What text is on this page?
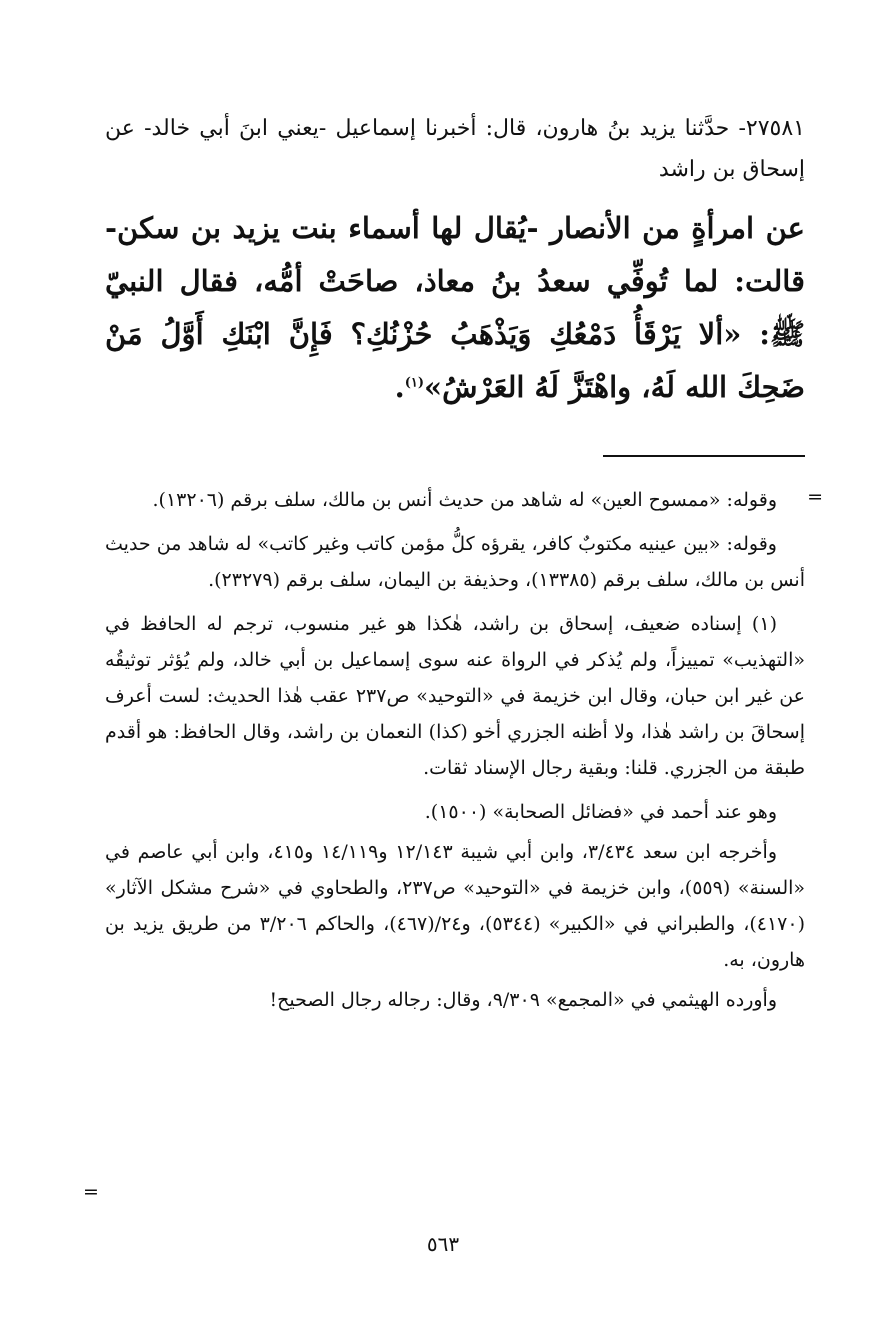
٢٧٥٨١- حدَّثنا يزيد بنُ هارون، قال: أخبرنا إسماعيل -يعني ابنَ أبي خالد- عن إسحاق بن راشد

عن امرأةٍ من الأنصار -يُقال لها أسماء بنت يزيد بن سكن- قالت: لما تُوفِّي سعدُ بنُ معاذ، صاحَتْ أمُّه، فقال النبيّ ﷺ: «ألا يَرْقَأُ دَمْعُكِ وَيَذْهَبُ حُزْنُكِ؟ فَإِنَّ ابْنَكِ أَوَّلُ مَنْ ضَحِكَ الله لَهُ، واهْتَزَّ لَهُ العَرْشُ»$^{(١)}$.

=

وقوله: «ممسوح العين» له شاهد من حديث أنس بن مالك، سلف برقم (١٣٢٠٦).

وقوله: «بين عينيه مكتوبٌ كافر، يقرؤه كلُّ مؤمن كاتب وغير كاتب» له شاهد من حديث أنس بن مالك، سلف برقم (١٣٣٨٥)، وحذيفة بن اليمان، سلف برقم (٢٣٢٧٩).

(١) إسناده ضعيف، إسحاق بن راشد، هٰكذا هو غير منسوب، ترجم له الحافظ في «التهذيب» تمييزاً، ولم يُذكر في الرواة عنه سوى إسماعيل بن أبي خالد، ولم يُؤثر توثيقُه عن غير ابن حبان، وقال ابن خزيمة في «التوحيد» ص٢٣٧ عقب هٰذا الحديث: لست أعرف إسحاقَ بن راشد هٰذا، ولا أظنه الجزري أخو (كذا) النعمان بن راشد، وقال الحافظ: هو أقدم طبقة من الجزري. قلنا: وبقية رجال الإسناد ثقات.

وهو عند أحمد في «فضائل الصحابة» (١٥٠٠).

وأخرجه ابن سعد ٣/٤٣٤، وابن أبي شيبة ١٢/١٤٣ و١٤/١١٩ و٤١٥، وابن أبي عاصم في «السنة» (٥٥٩)، وابن خزيمة في «التوحيد» ص٢٣٧، والطحاوي في «شرح مشكل الآثار» (٤١٧٠)، والطبراني في «الكبير» (٥٣٤٤)، و٢٤/(٤٦٧)، والحاكم ٣/٢٠٦ من طريق يزيد بن هارون، به.

وأورده الهيثمي في «المجمع» ٩/٣٠٩، وقال: رجاله رجال الصحيح!

=
٥٦٣
